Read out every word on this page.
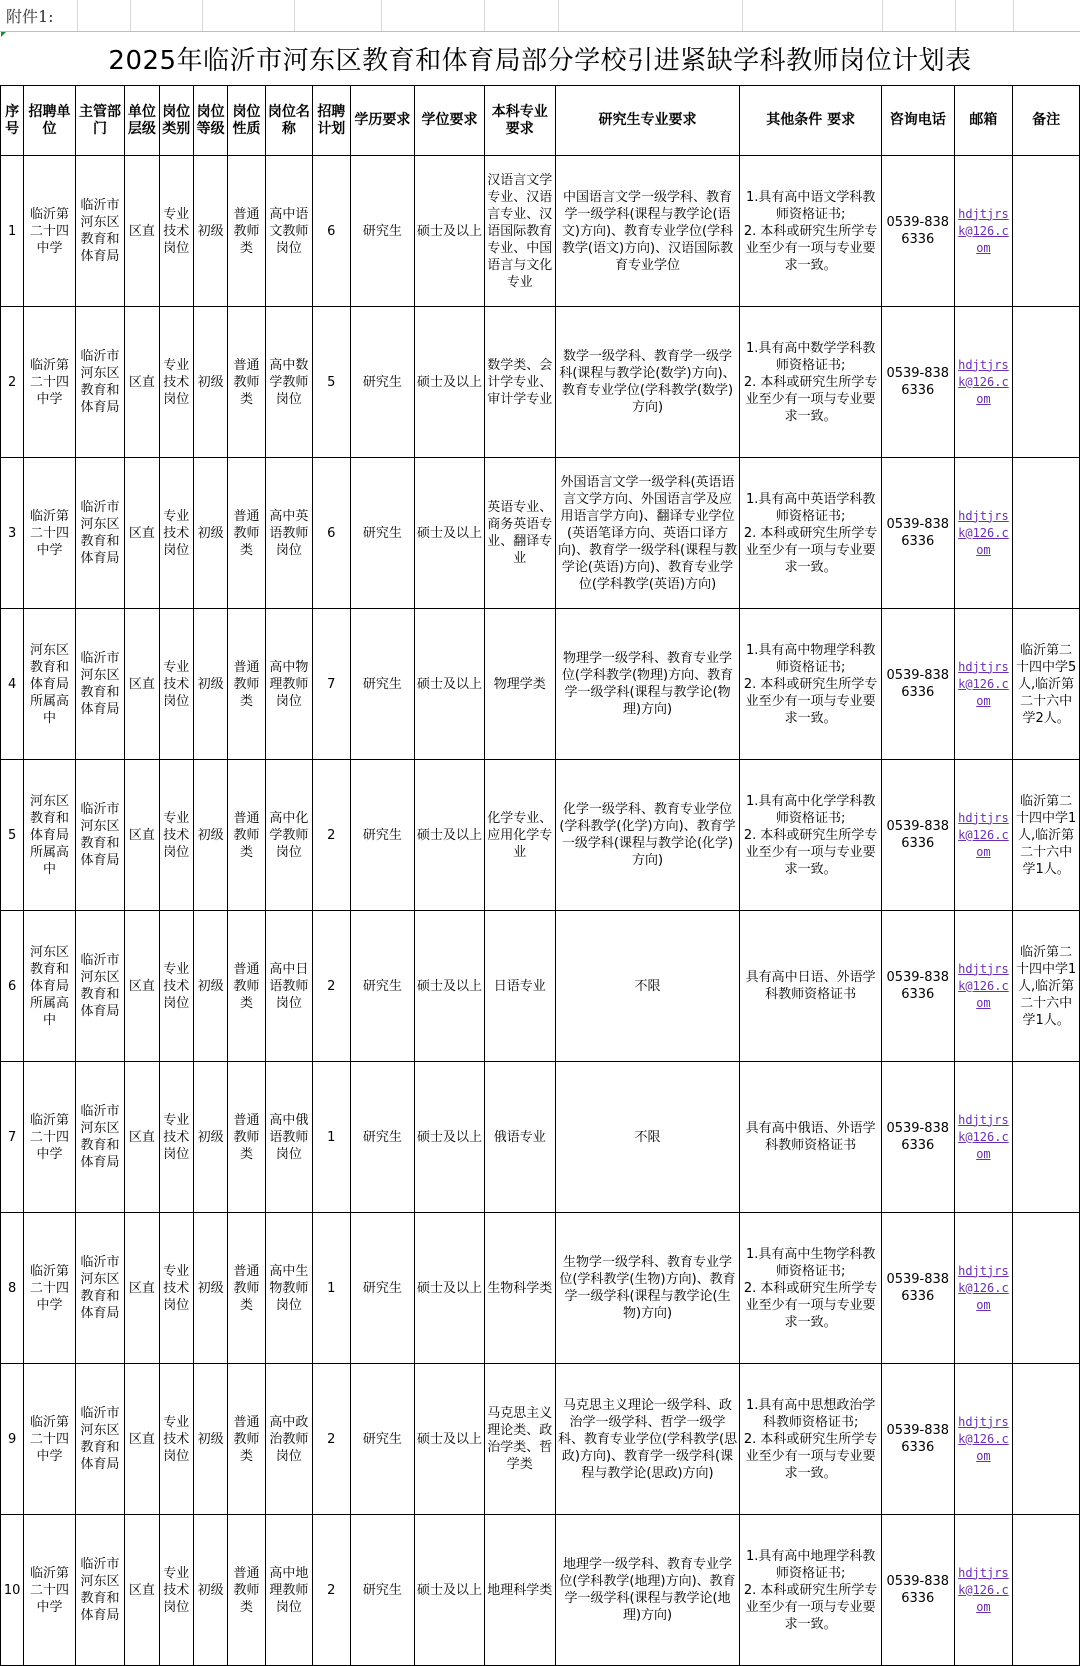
附件1:
2025年临沂市河东区教育和体育局部分学校引进紧缺学科教师岗位计划表
序号	招聘单位	主管部门	单位层级	岗位类别	岗位等级	岗位性质	岗位名称	招聘计划	学历要求	学位要求	本科专业要求	研究生专业要求	其他条件 要求	咨询电话	邮箱	备注
1	临沂第二十四中学	临沂市河东区教育和体育局	区直	专业技术岗位	初级	普通教师类	高中语文教师岗位	6	研究生	硕士及以上	汉语言文学专业、汉语言专业、汉语国际教育专业、中国语言与文化专业	中国语言文学一级学科、教育学一级学科(课程与教学论(语文)方向)、教育专业学位(学科教学(语文)方向)、汉语国际教育专业学位	1.具有高中语文学科教师资格证书;
2. 本科或研究生所学专业至少有一项与专业要求一致。	0539-8386336	hdjtjrsk@126.com	
2	临沂第二十四中学	临沂市河东区教育和体育局	区直	专业技术岗位	初级	普通教师类	高中数学教师岗位	5	研究生	硕士及以上	数学类、会计学专业、审计学专业	数学一级学科、教育学一级学科(课程与教学论(数学)方向)、教育专业学位(学科教学(数学)方向)	1.具有高中数学学科教师资格证书;
2. 本科或研究生所学专业至少有一项与专业要求一致。	0539-8386336	hdjtjrsk@126.com	
3	临沂第二十四中学	临沂市河东区教育和体育局	区直	专业技术岗位	初级	普通教师类	高中英语教师岗位	6	研究生	硕士及以上	英语专业、商务英语专业、翻译专业	外国语言文学一级学科(英语语言文学方向、外国语言学及应用语言学方向)、翻译专业学位(英语笔译方向、英语口译方向)、教育学一级学科(课程与教学论(英语)方向)、教育专业学位(学科教学(英语)方向)	1.具有高中英语学科教师资格证书;
2. 本科或研究生所学专业至少有一项与专业要求一致。	0539-8386336	hdjtjrsk@126.com	
4	河东区教育和体育局所属高中	临沂市河东区教育和体育局	区直	专业技术岗位	初级	普通教师类	高中物理教师岗位	7	研究生	硕士及以上	物理学类	物理学一级学科、教育专业学位(学科教学(物理)方向、教育学一级学科(课程与教学论(物理)方向)	1.具有高中物理学科教师资格证书;
2. 本科或研究生所学专业至少有一项与专业要求一致。	0539-8386336	hdjtjrsk@126.com	临沂第二十四中学5人,临沂第二十六中学2人。
5	河东区教育和体育局所属高中	临沂市河东区教育和体育局	区直	专业技术岗位	初级	普通教师类	高中化学教师岗位	2	研究生	硕士及以上	化学专业、应用化学专业	化学一级学科、教育专业学位(学科教学(化学)方向)、教育学一级学科(课程与教学论(化学)方向)	1.具有高中化学学科教师资格证书;
2. 本科或研究生所学专业至少有一项与专业要求一致。	0539-8386336	hdjtjrsk@126.com	临沂第二十四中学1人,临沂第二十六中学1人。
6	河东区教育和体育局所属高中	临沂市河东区教育和体育局	区直	专业技术岗位	初级	普通教师类	高中日语教师岗位	2	研究生	硕士及以上	日语专业	不限	具有高中日语、外语学科教师资格证书	0539-8386336	hdjtjrsk@126.com	临沂第二十四中学1人,临沂第二十六中学1人。
7	临沂第二十四中学	临沂市河东区教育和体育局	区直	专业技术岗位	初级	普通教师类	高中俄语教师岗位	1	研究生	硕士及以上	俄语专业	不限	具有高中俄语、外语学科教师资格证书	0539-8386336	hdjtjrsk@126.com	
8	临沂第二十四中学	临沂市河东区教育和体育局	区直	专业技术岗位	初级	普通教师类	高中生物教师岗位	1	研究生	硕士及以上	生物科学类	生物学一级学科、教育专业学位(学科教学(生物)方向)、教育学一级学科(课程与教学论(生物)方向)	1.具有高中生物学科教师资格证书;
2. 本科或研究生所学专业至少有一项与专业要求一致。	0539-8386336	hdjtjrsk@126.com	
9	临沂第二十四中学	临沂市河东区教育和体育局	区直	专业技术岗位	初级	普通教师类	高中政治教师岗位	2	研究生	硕士及以上	马克思主义理论类、政治学类、哲学类	马克思主义理论一级学科、政治学一级学科、哲学一级学科、教育专业学位(学科教学(思政)方向)、教育学一级学科(课程与教学论(思政)方向)	1.具有高中思想政治学科教师资格证书;
2. 本科或研究生所学专业至少有一项与专业要求一致。	0539-8386336	hdjtjrsk@126.com	
10	临沂第二十四中学	临沂市河东区教育和体育局	区直	专业技术岗位	初级	普通教师类	高中地理教师岗位	2	研究生	硕士及以上	地理科学类	地理学一级学科、教育专业学位(学科教学(地理)方向)、教育学一级学科(课程与教学论(地理)方向)	1.具有高中地理学科教师资格证书;
2. 本科或研究生所学专业至少有一项与专业要求一致。	0539-8386336	hdjtjrsk@126.com	
